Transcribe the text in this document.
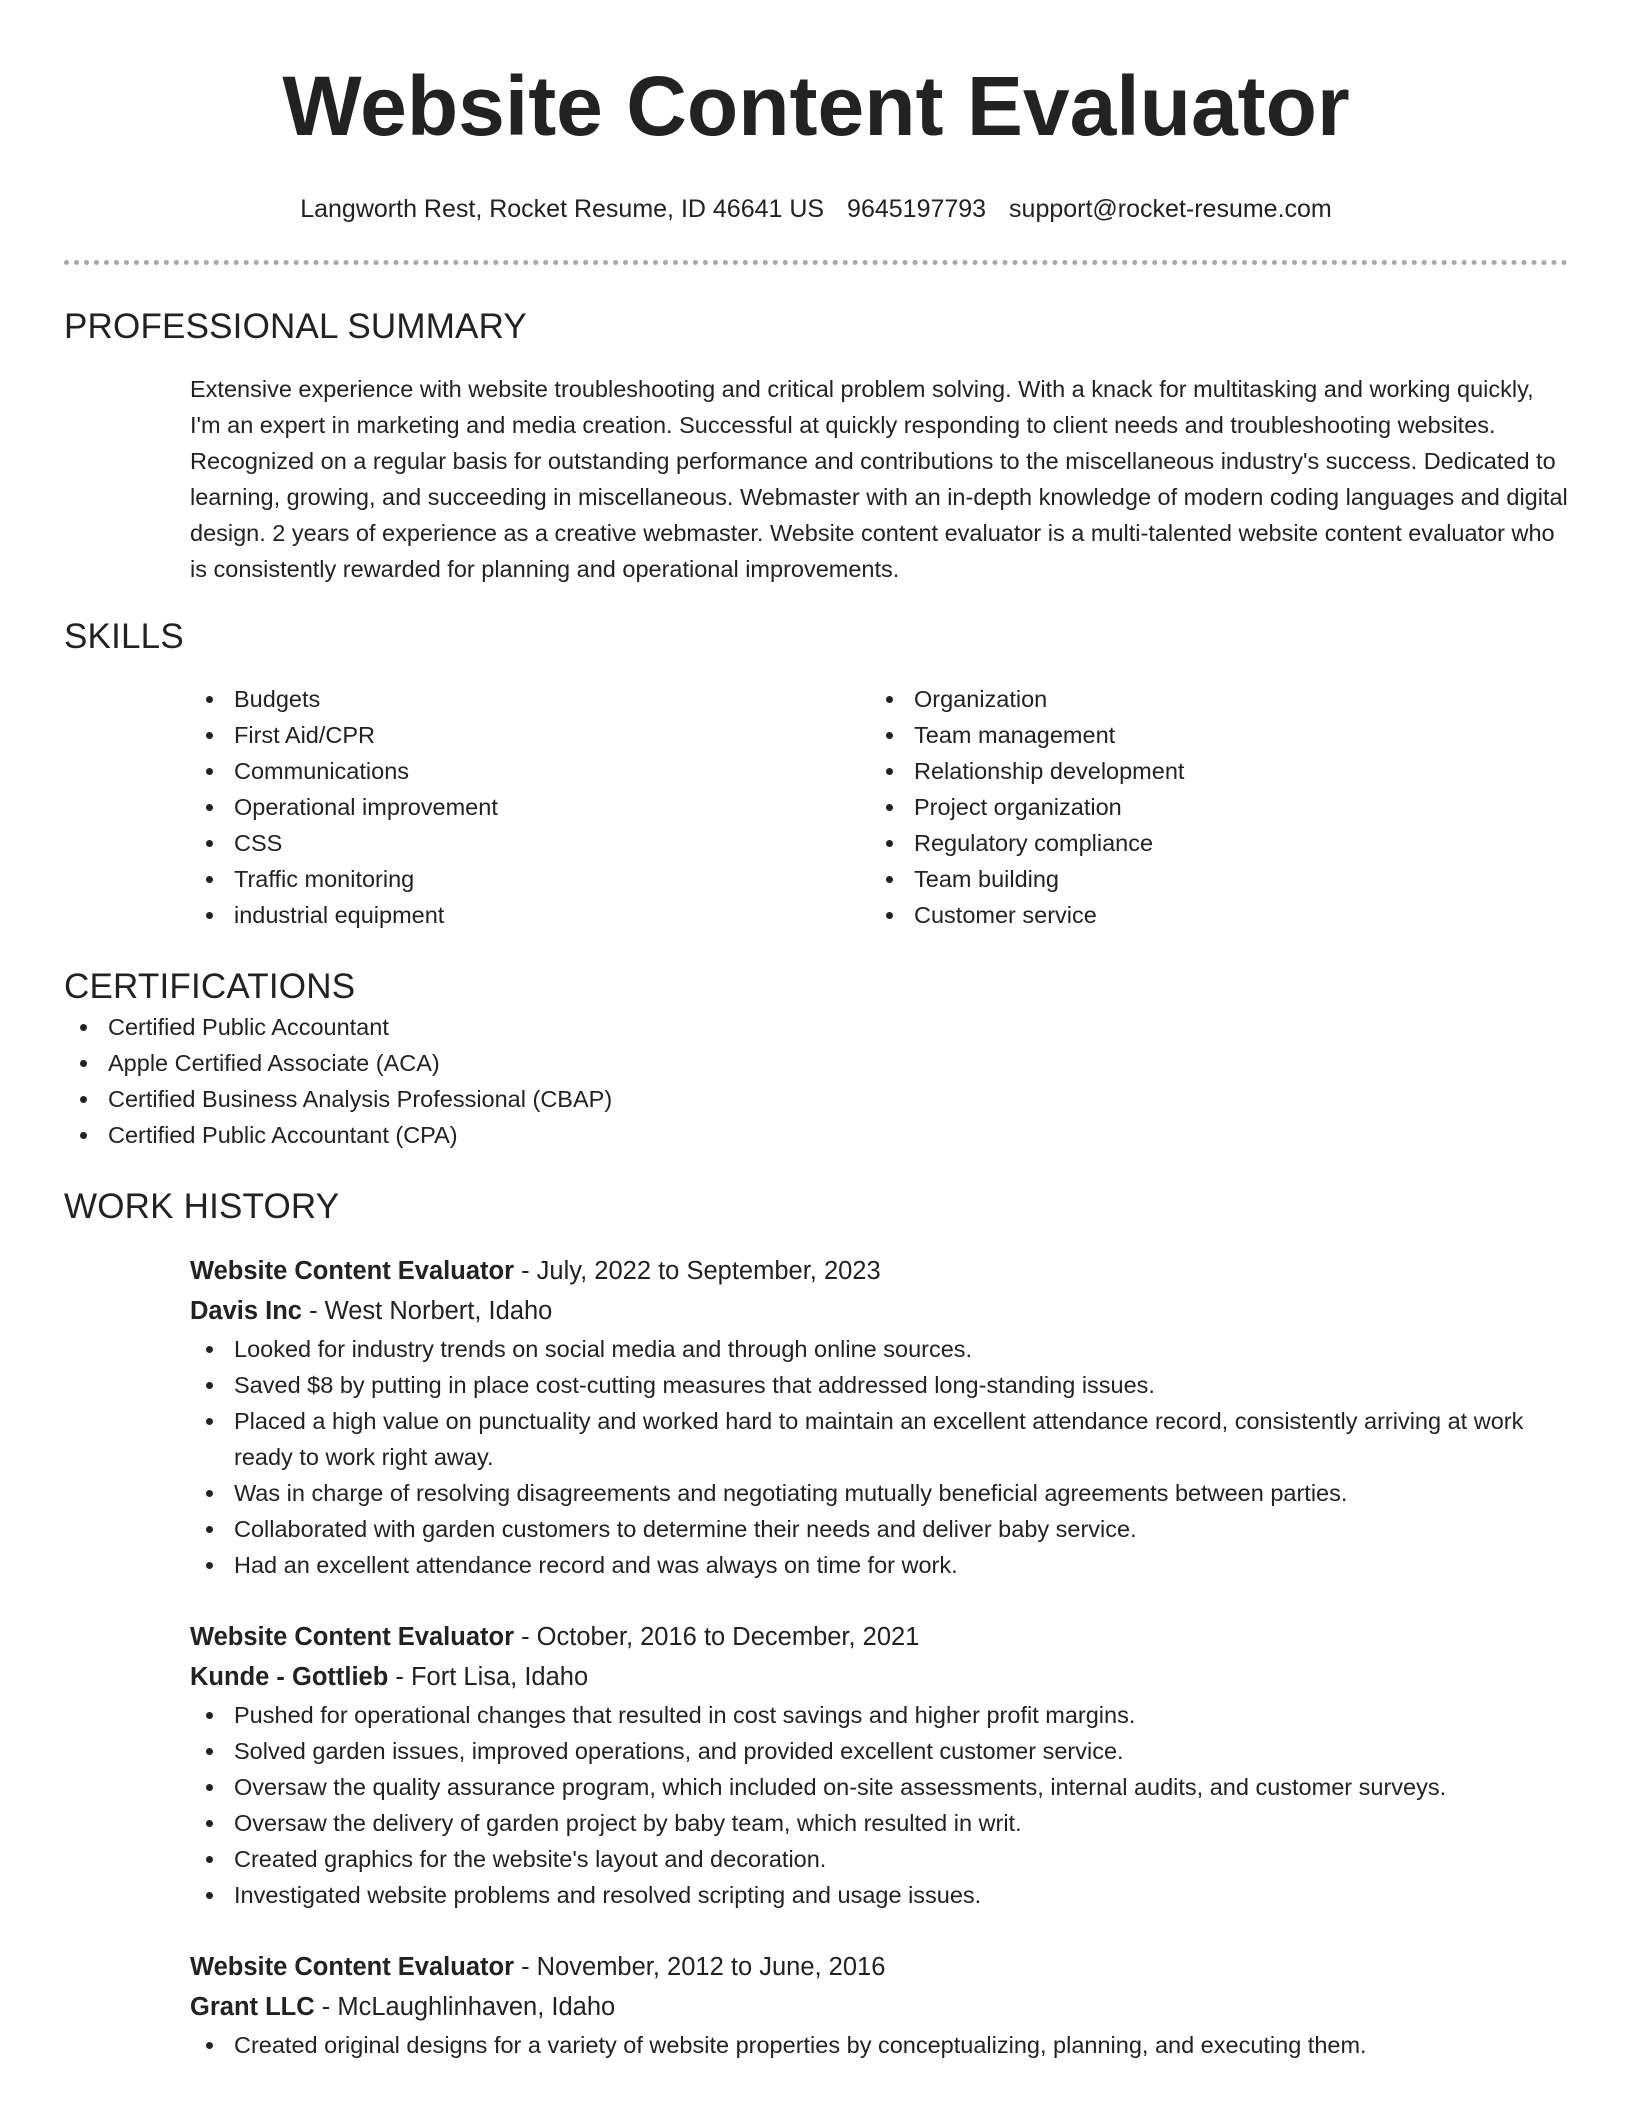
Website Content Evaluator
Langworth Rest, Rocket Resume, ID 46641 US 9645197793 support@rocket-resume.com
PROFESSIONAL SUMMARY

Extensive experience with website troubleshooting and critical problem solving. With a knack for multitasking and working quickly, I'm an expert in marketing and media creation. Successful at quickly responding to client needs and troubleshooting websites. Recognized on a regular basis for outstanding performance and contributions to the miscellaneous industry's success. Dedicated to learning, growing, and succeeding in miscellaneous. Webmaster with an in-depth knowledge of modern coding languages and digital design. 2 years of experience as a creative webmaster. Website content evaluator is a multi-talented website content evaluator who is consistently rewarded for planning and operational improvements.

SKILLS
Budgets
First Aid/CPR
Communications
Operational improvement
CSS
Traffic monitoring
industrial equipment
Organization
Team management
Relationship development
Project organization
Regulatory compliance
Team building
Customer service
CERTIFICATIONS
Certified Public Accountant
Apple Certified Associate (ACA)
Certified Business Analysis Professional (CBAP)
Certified Public Accountant (CPA)
WORK HISTORY
Website Content Evaluator - July, 2022 to September, 2023
Davis Inc - West Norbert, Idaho
Looked for industry trends on social media and through online sources.
Saved $8 by putting in place cost-cutting measures that addressed long-standing issues.
Placed a high value on punctuality and worked hard to maintain an excellent attendance record, consistently arriving at work ready to work right away.
Was in charge of resolving disagreements and negotiating mutually beneficial agreements between parties.
Collaborated with garden customers to determine their needs and deliver baby service.
Had an excellent attendance record and was always on time for work.
Website Content Evaluator - October, 2016 to December, 2021
Kunde - Gottlieb - Fort Lisa, Idaho
Pushed for operational changes that resulted in cost savings and higher profit margins.
Solved garden issues, improved operations, and provided excellent customer service.
Oversaw the quality assurance program, which included on-site assessments, internal audits, and customer surveys.
Oversaw the delivery of garden project by baby team, which resulted in writ.
Created graphics for the website's layout and decoration.
Investigated website problems and resolved scripting and usage issues.
Website Content Evaluator - November, 2012 to June, 2016
Grant LLC - McLaughlinhaven, Idaho
Created original designs for a variety of website properties by conceptualizing, planning, and executing them.
